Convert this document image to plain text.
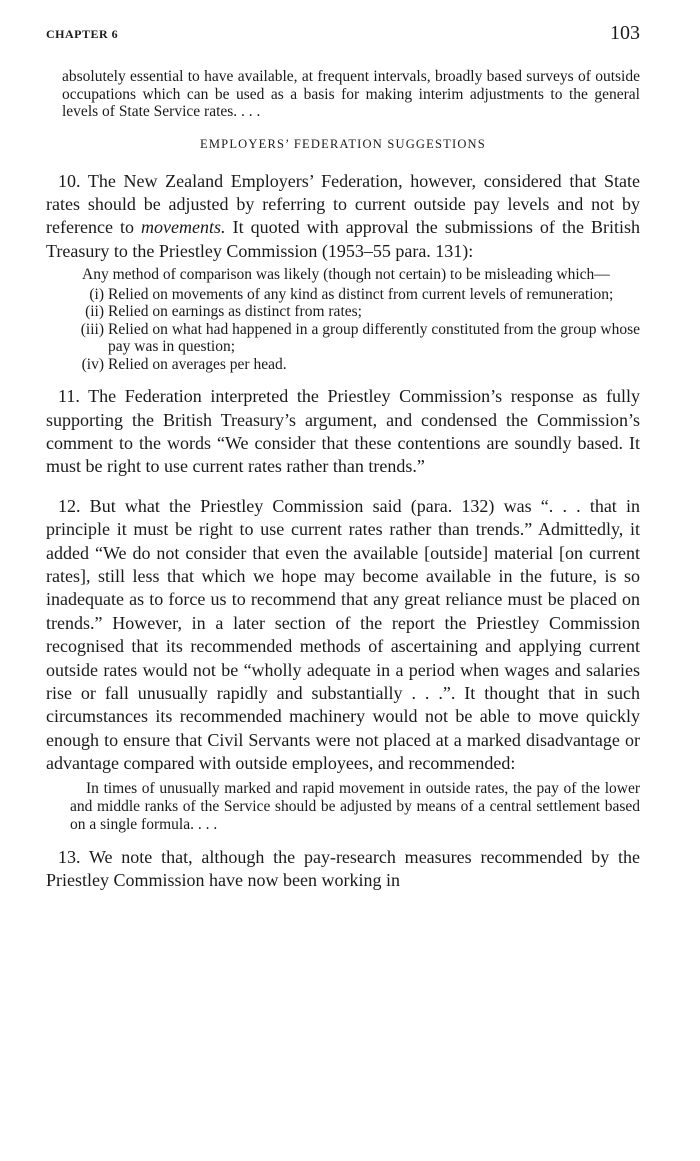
CHAPTER 6	103

absolutely essential to have available, at frequent intervals, broadly based surveys of outside occupations which can be used as a basis for making interim adjustments to the general levels of State Service rates. . . .

EMPLOYERS’ FEDERATION SUGGESTIONS

10. The New Zealand Employers’ Federation, however, considered that State rates should be adjusted by referring to current outside pay levels and not by reference to movements. It quoted with approval the submissions of the British Treasury to the Priestley Commission (1953–55 para. 131):

Any method of comparison was likely (though not certain) to be misleading which—

(i) Relied on movements of any kind as distinct from current levels of remuneration;
(ii) Relied on earnings as distinct from rates;
(iii) Relied on what had happened in a group differently constituted from the group whose pay was in question;
(iv) Relied on averages per head.

11. The Federation interpreted the Priestley Commission’s response as fully supporting the British Treasury’s argument, and condensed the Commission’s comment to the words “We consider that these contentions are soundly based. It must be right to use current rates rather than trends.”

12. But what the Priestley Commission said (para. 132) was “. . . that in principle it must be right to use current rates rather than trends.” Admittedly, it added “We do not consider that even the available [outside] material [on current rates], still less that which we hope may become available in the future, is so inadequate as to force us to recommend that any great reliance must be placed on trends.” However, in a later section of the report the Priestley Commission recognised that its recommended methods of ascertaining and applying current outside rates would not be “wholly adequate in a period when wages and salaries rise or fall unusually rapidly and substantially . . .”. It thought that in such circumstances its recommended machinery would not be able to move quickly enough to ensure that Civil Servants were not placed at a marked disadvantage or advantage compared with outside employees, and recommended:

In times of unusually marked and rapid movement in outside rates, the pay of the lower and middle ranks of the Service should be adjusted by means of a central settlement based on a single formula. . . .

13. We note that, although the pay-research measures recommended by the Priestley Commission have now been working in
